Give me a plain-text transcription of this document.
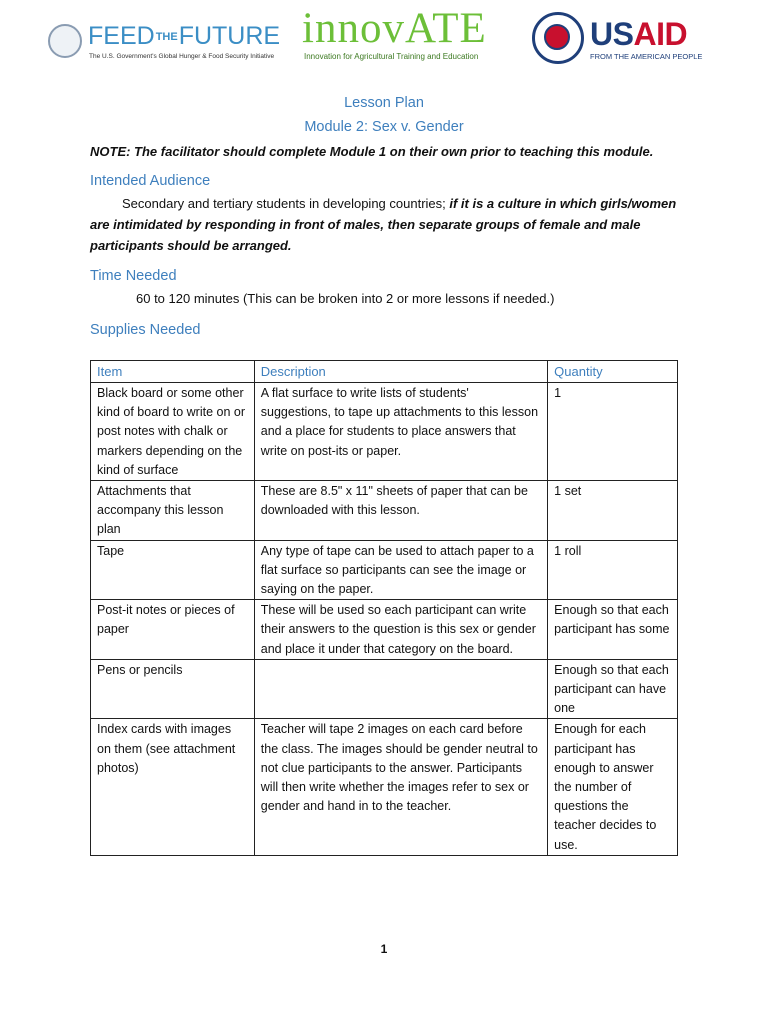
FEEDTHEFUTURE
The U.S. Government's Global Hunger & Food Security Initiative
innovATE
Innovation for Agricultural Training and Education
USAID
FROM THE AMERICAN PEOPLE
Lesson Plan
Module 2: Sex v. Gender
NOTE: The facilitator should complete Module 1 on their own prior to teaching this module.
Intended Audience
Secondary and tertiary students in developing countries; if it is a culture in which girls/women are intimidated by responding in front of males, then separate groups of female and male participants should be arranged.
Time Needed
60 to 120 minutes (This can be broken into 2 or more lessons if needed.)
Supplies Needed
Item	Description	Quantity
Black board or some other kind of board to write on or post notes with chalk or markers depending on the kind of surface	A flat surface to write lists of students' suggestions, to tape up attachments to this lesson and a place for students to place answers that write on post-its or paper.	1
Attachments that accompany this lesson plan	These are 8.5" x 11" sheets of paper that can be downloaded with this lesson.	1 set
Tape	Any type of tape can be used to attach paper to a flat surface so participants can see the image or saying on the paper.	1 roll
Post-it notes or pieces of paper	These will be used so each participant can write their answers to the question is this sex or gender and place it under that category on the board.	Enough so that each participant has some
Pens or pencils		Enough so that each participant can have one
Index cards with images on them (see attachment photos)	Teacher will tape 2 images on each card before the class. The images should be gender neutral to not clue participants to the answer. Participants will then write whether the images refer to sex or gender and hand in to the teacher.	Enough for each participant has enough to answer the number of questions the teacher decides to use.
1
